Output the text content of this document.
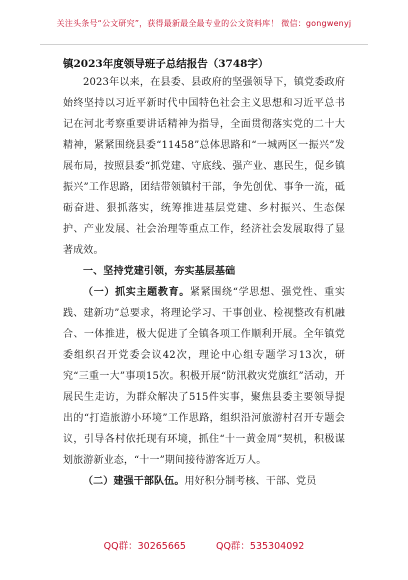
关注头条号“公文研究”，获得最新最全最专业的公文资料库！ 微信：gongwenyj
镇2023年度领导班子总结报告（3748字）

2023年以来，在县委、县政府的坚强领导下，镇党委政府始终坚持以习近平新时代中国特色社会主义思想和习近平总书记在河北考察重要讲话精神为指导，全面贯彻落实党的二十大精神，紧紧围绕县委“11458”总体思路和“一城两区一振兴”发展布局，按照县委“抓党建、守底线、强产业、惠民生，促乡镇振兴”工作思路，团结带领镇村干部，争先创优、事争一流，砥砺奋进、狠抓落实，统筹推进基层党建、乡村振兴、生态保护、产业发展、社会治理等重点工作，经济社会发展取得了显著成效。

一、坚持党建引领，夯实基层基础

（一）抓实主题教育。紧紧围绕“学思想、强党性、重实践、建新功”总要求，将理论学习、干事创业、检视整改有机融合、一体推进，极大促进了全镇各项工作顺利开展。全年镇党委组织召开党委会议42次，理论中心组专题学习13次，研究“三重一大”事项15次。积极开展“防汛救灾党旗红”活动，开展民生走访，为群众解决了515件实事，聚焦县委主要领导提出的“打造旅游小环境”工作思路，组织沿河旅游村召开专题会议，引导各村依托现有环境，抓住“十一黄金周”契机，积极谋划旅游新业态，“十一”期间接待游客近万人。

（二）建强干部队伍。用好积分制考核、干部、党员

QQ群：30265665	QQ群：535304092
